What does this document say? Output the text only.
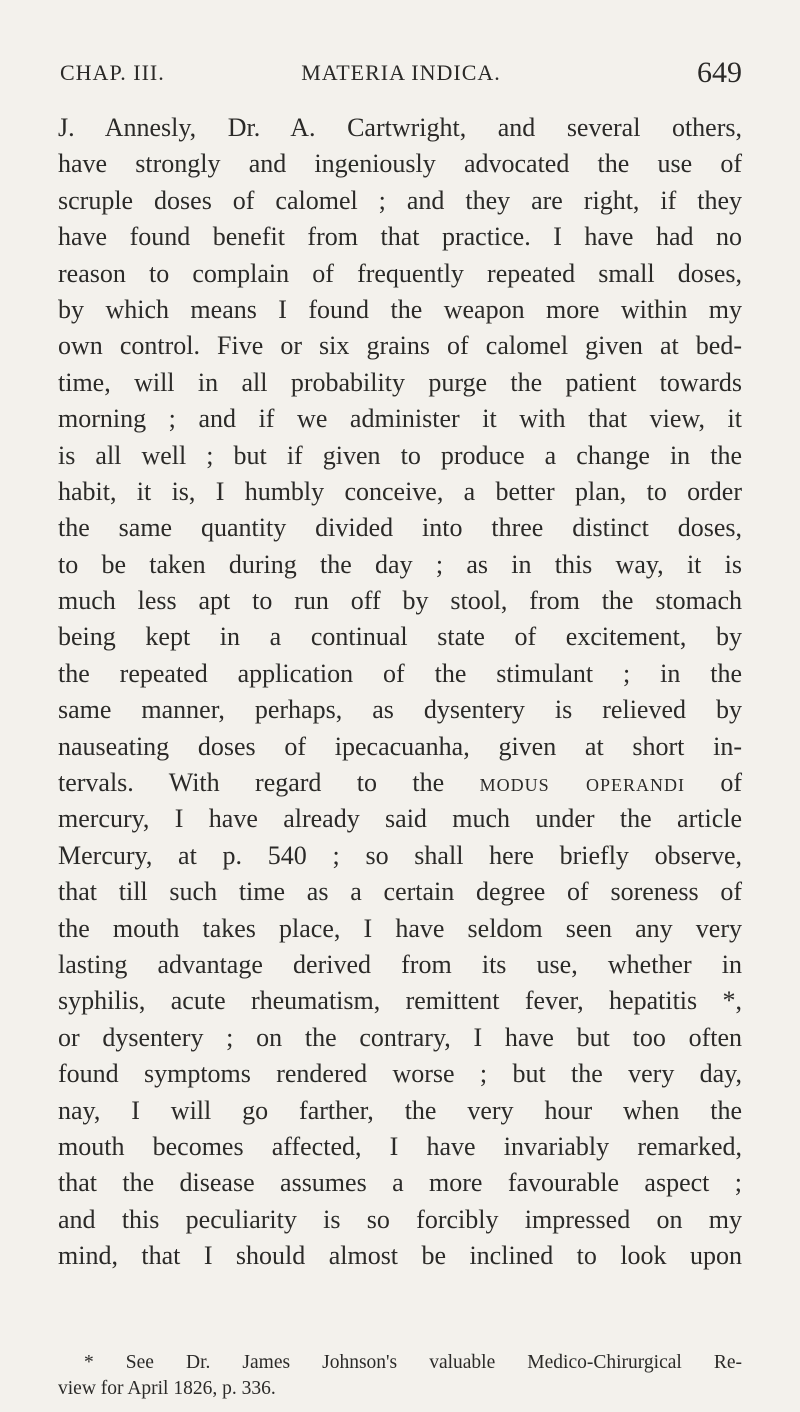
CHAP. III.	MATERIA INDICA.	649
J. Annesly, Dr. A. Cartwright, and several others,
have strongly and ingeniously advocated the use of
scruple doses of calomel ; and they are right, if they
have found benefit from that practice. I have had no
reason to complain of frequently repeated small doses,
by which means I found the weapon more within my
own control. Five or six grains of calomel given at bed-
time, will in all probability purge the patient towards
morning ; and if we administer it with that view, it
is all well ; but if given to produce a change in the
habit, it is, I humbly conceive, a better plan, to order
the same quantity divided into three distinct doses,
to be taken during the day ; as in this way, it is
much less apt to run off by stool, from the stomach
being kept in a continual state of excitement, by
the repeated application of the stimulant ; in the
same manner, perhaps, as dysentery is relieved by
nauseating doses of ipecacuanha, given at short in-
tervals. With regard to the modus operandi of
mercury, I have already said much under the article
Mercury, at p. 540 ; so shall here briefly observe,
that till such time as a certain degree of soreness of
the mouth takes place, I have seldom seen any very
lasting advantage derived from its use, whether in
syphilis, acute rheumatism, remittent fever, hepatitis *,
or dysentery ; on the contrary, I have but too often
found symptoms rendered worse ; but the very day,
nay, I will go farther, the very hour when the
mouth becomes affected, I have invariably remarked,
that the disease assumes a more favourable aspect ;
and this peculiarity is so forcibly impressed on my
mind, that I should almost be inclined to look upon
* See Dr. James Johnson's valuable Medico-Chirurgical Re-
view for April 1826, p. 336.
